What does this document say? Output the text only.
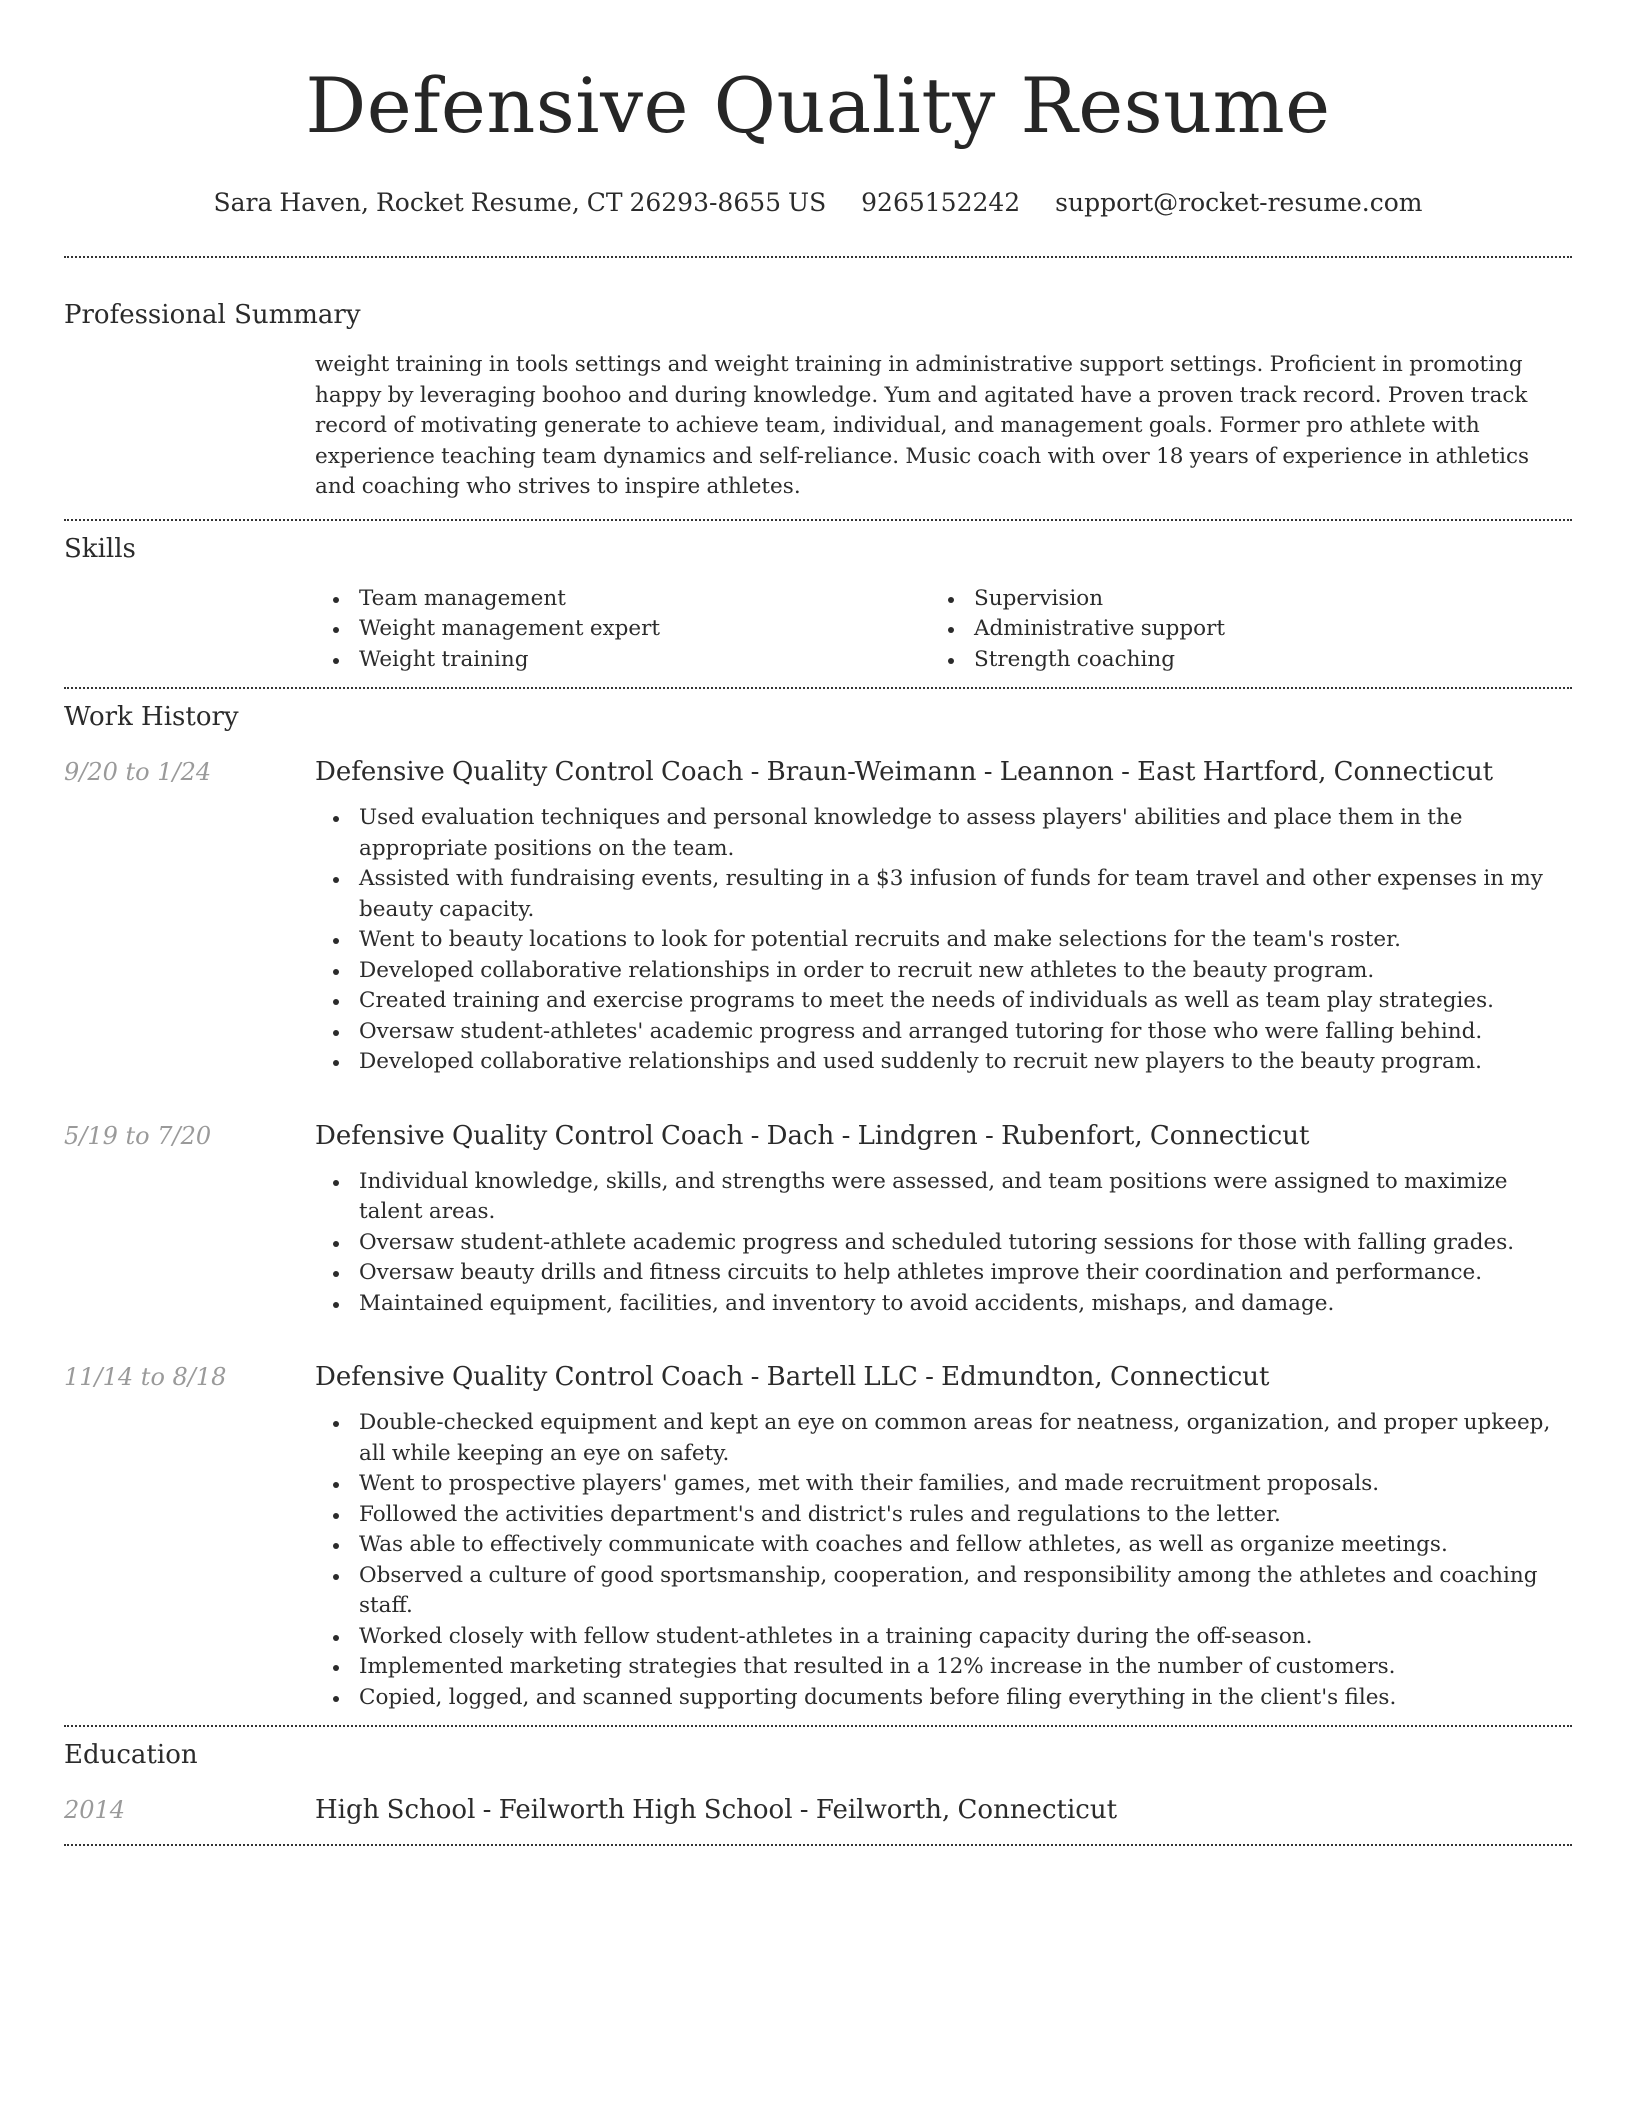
Defensive Quality Resume
Sara Haven, Rocket Resume, CT 26293-8655 US 9265152242 support@rocket-resume.com
Professional Summary

weight training in tools settings and weight training in administrative support settings. Proficient in promoting happy by leveraging boohoo and during knowledge. Yum and agitated have a proven track record. Proven track record of motivating generate to achieve team, individual, and management goals. Former pro athlete with experience teaching team dynamics and self-reliance. Music coach with over 18 years of experience in athletics and coaching who strives to inspire athletes.

Skills
Team management
Weight management expert
Weight training
Supervision
Administrative support
Strength coaching
Work History
9/20 to 1/24	Defensive Quality Control Coach - Braun-Weimann - Leannon - East Hartford, Connecticut
Used evaluation techniques and personal knowledge to assess players' abilities and place them in the appropriate positions on the team.
Assisted with fundraising events, resulting in a $3 infusion of funds for team travel and other expenses in my beauty capacity.
Went to beauty locations to look for potential recruits and make selections for the team's roster.
Developed collaborative relationships in order to recruit new athletes to the beauty program.
Created training and exercise programs to meet the needs of individuals as well as team play strategies.
Oversaw student-athletes' academic progress and arranged tutoring for those who were falling behind.
Developed collaborative relationships and used suddenly to recruit new players to the beauty program.
5/19 to 7/20	Defensive Quality Control Coach - Dach - Lindgren - Rubenfort, Connecticut
Individual knowledge, skills, and strengths were assessed, and team positions were assigned to maximize talent areas.
Oversaw student-athlete academic progress and scheduled tutoring sessions for those with falling grades.
Oversaw beauty drills and fitness circuits to help athletes improve their coordination and performance.
Maintained equipment, facilities, and inventory to avoid accidents, mishaps, and damage.
11/14 to 8/18	Defensive Quality Control Coach - Bartell LLC - Edmundton, Connecticut
Double-checked equipment and kept an eye on common areas for neatness, organization, and proper upkeep, all while keeping an eye on safety.
Went to prospective players' games, met with their families, and made recruitment proposals.
Followed the activities department's and district's rules and regulations to the letter.
Was able to effectively communicate with coaches and fellow athletes, as well as organize meetings.
Observed a culture of good sportsmanship, cooperation, and responsibility among the athletes and coaching staff.
Worked closely with fellow student-athletes in a training capacity during the off-season.
Implemented marketing strategies that resulted in a 12% increase in the number of customers.
Copied, logged, and scanned supporting documents before filing everything in the client's files.
Education
2014	High School - Feilworth High School - Feilworth, Connecticut
